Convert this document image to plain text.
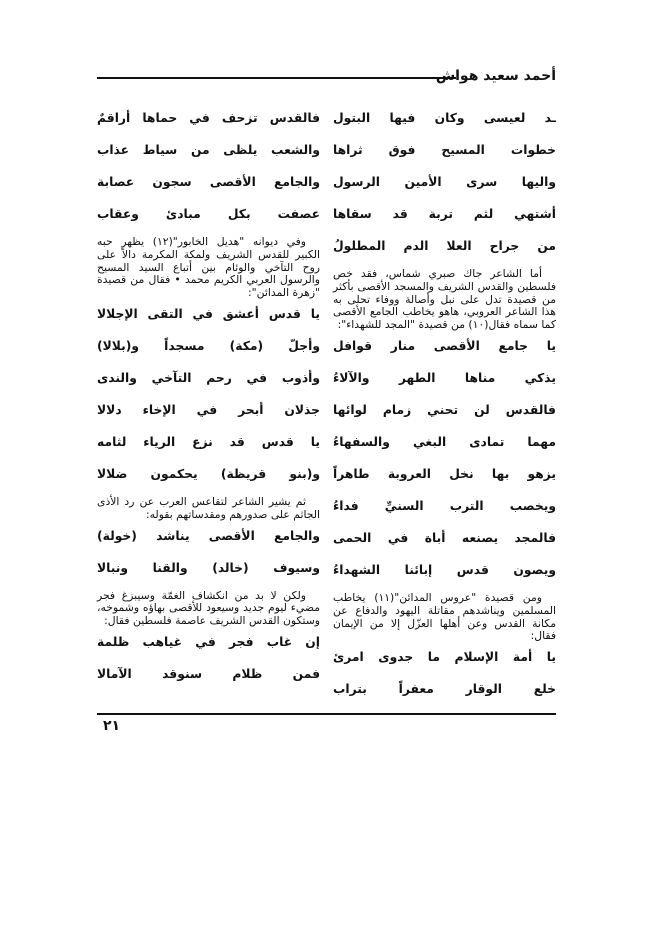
أحمد سعيد هواش

ـد لعيسى وكان فيها البتول

خطوات المسيح فوق ثراها

واليها سرى الأمين الرسول

أشتهي لثم تربة قد سقاها

من جراح العلا الدم المطلولُ

أما الشاعر جاك صبري شماس، فقد خص فلسطين والقدس الشريف والمسجد الأقصى بأكثر من قصيدة تدل على نبل وأصالة ووفاء تحلى به هذا الشاعر العروبي، هاهو يخاطب الجامع الأقصى كما سماه فقال(١٠) من قصيدة "المجد للشهداء":

يا جامع الأقصى منار قوافل

يذكي مناها الطهر والآلاءُ

فالقدس لن تحني زمام لوائها

مهما تمادى البغي والسفهاءُ

يزهو بها نخل العروبة طاهراً

ويخصب الترب السنيِّ فداءُ

فالمجد يصنعه أباة في الحمى

ويصون قدس إبائنا الشهداءُ

ومن قصيدة "عروس المدائن"(١١) يخاطب المسلمين ويناشدهم مقاتلة اليهود والدفاع عن مكانة القدس وعن أهلها العزّل إلا من الإيمان فقال:

يا أمة الإسلام ما جدوى امرئ

خلع الوقار معفراً بتراب

فالقدس تزحف في حماها أراقمٌ

والشعب يلظى من سياط عذاب

والجامع الأقصى سجون عصابة

عصفت بكل مبادئ وعقاب

وفي ديوانه "هديل الخابور"(١٢) يظهر حبه الكبير للقدس الشريف ولمكة المكرمة دالاً على روح التآخي والوئام بين أتباع السيد المسيح والرسول العربي الكريم محمد • فقال من قصيدة "زهرة المدائن":

يا قدس أعشق في التقى الإجلالا

وأجلّ (مكة) مسجداً و(بلالا)

وأذوب في رحم التآخي والندى

جذلان أبحر في الإخاء دلالا

يا قدس قد نزع الرياء لثامه

و(بنو قريظة) يحكمون ضلالا

ثم يشير الشاعر لتقاعس العرب عن رد الأذى الجاثم على صدورهم ومقدساتهم بقوله:

والجامع الأقصى يناشد (خولة)

وسيوف (خالد) والقنا ونبالا

ولكن لا بد من انكشاف الغمّة وسيبزغ فجر مضيء ليوم جديد وسيعود للأقصى بهاؤه وشموخه، وستكون القدس الشريف عاصمة فلسطين فقال:

إن غاب فجر في غياهب ظلمة

فمن ظلام سنوقد الآمالا

٢١
